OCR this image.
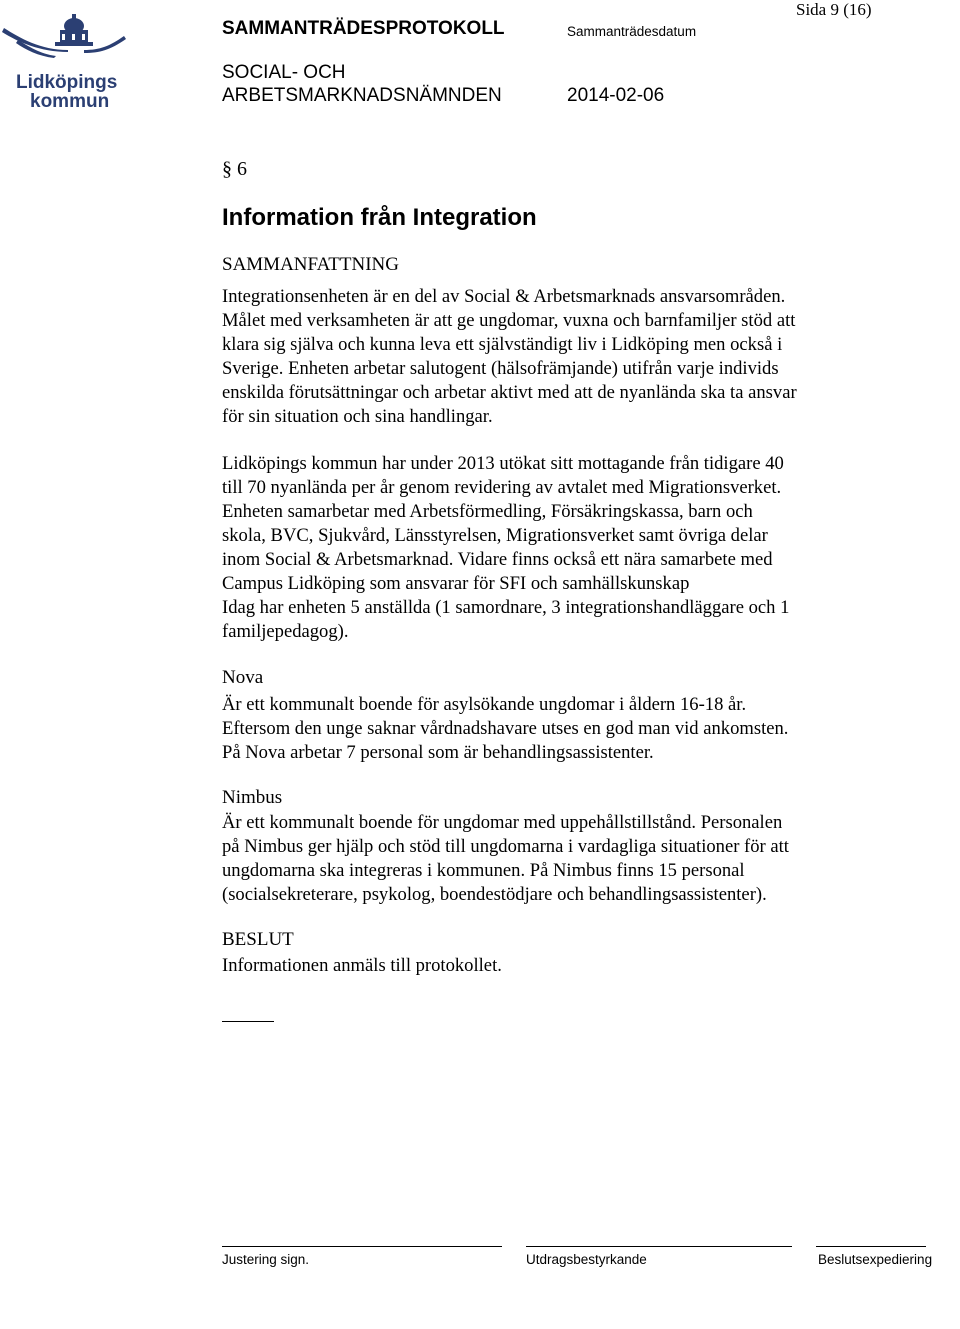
Lidköpings
kommun
Sida 9 (16)
SAMMANTRÄDESPROTOKOLL	Sammanträdesdatum
SOCIAL- OCH
ARBETSMARKNADSNÄMNDEN	2014-02-06
§ 6
Information från Integration
SAMMANFATTNING
Integrationsenheten är en del av Social & Arbetsmarknads ansvarsområden.
Målet med verksamheten är att ge ungdomar, vuxna och barnfamiljer stöd att
klara sig själva och kunna leva ett självständigt liv i Lidköping men också i
Sverige. Enheten arbetar salutogent (hälsofrämjande) utifrån varje individs
enskilda förutsättningar och arbetar aktivt med att de nyanlända ska ta ansvar
för sin situation och sina handlingar.
Lidköpings kommun har under 2013 utökat sitt mottagande från tidigare 40
till 70 nyanlända per år genom revidering av avtalet med Migrationsverket.
Enheten samarbetar med Arbetsförmedling, Försäkringskassa, barn och
skola, BVC, Sjukvård, Länsstyrelsen, Migrationsverket samt övriga delar
inom Social & Arbetsmarknad. Vidare finns också ett nära samarbete med
Campus Lidköping som ansvarar för SFI och samhällskunskap
Idag har enheten 5 anställda (1 samordnare, 3 integrationshandläggare och 1
familjepedagog).
Nova
Är ett kommunalt boende för asylsökande ungdomar i åldern 16-18 år.
Eftersom den unge saknar vårdnadshavare utses en god man vid ankomsten.
På Nova arbetar 7 personal som är behandlingsassistenter.
Nimbus
Är ett kommunalt boende för ungdomar med uppehållstillstånd. Personalen
på Nimbus ger hjälp och stöd till ungdomarna i vardagliga situationer för att
ungdomarna ska integreras i kommunen. På Nimbus finns 15 personal
(socialsekreterare, psykolog, boendestödjare och behandlingsassistenter).
BESLUT
Informationen anmäls till protokollet.
Justering sign.	Utdragsbestyrkande	Beslutsexpediering
